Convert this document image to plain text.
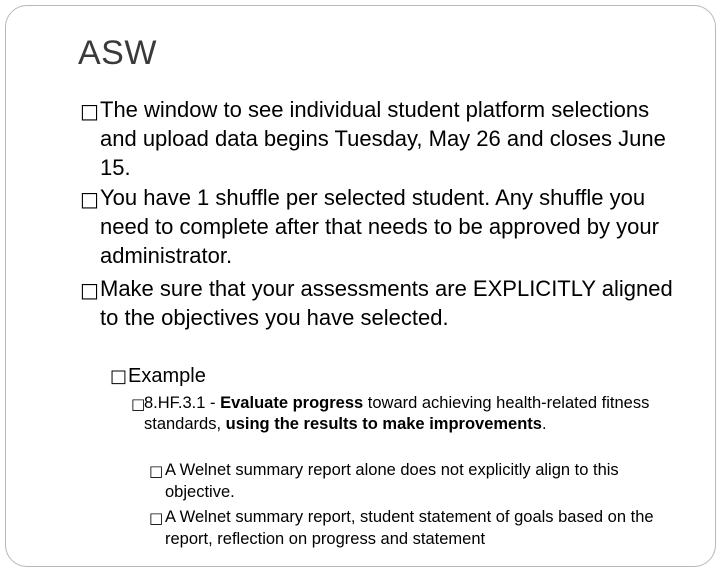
ASW
□ The window to see individual student platform selections and upload data begins Tuesday, May 26 and closes June 15.
□ You have 1 shuffle per selected student. Any shuffle you need to complete after that needs to be approved by your administrator.
□ Make sure that your assessments are EXPLICITLY aligned to the objectives you have selected.
□ Example
□
8.HF.3.1 - Evaluate progress toward achieving health-related fitness standards, using the results to make improvements.
□ A Welnet summary report alone does not explicitly align to this objective.
□ A Welnet summary report, student statement of goals based on the report, reflection on progress and statement
